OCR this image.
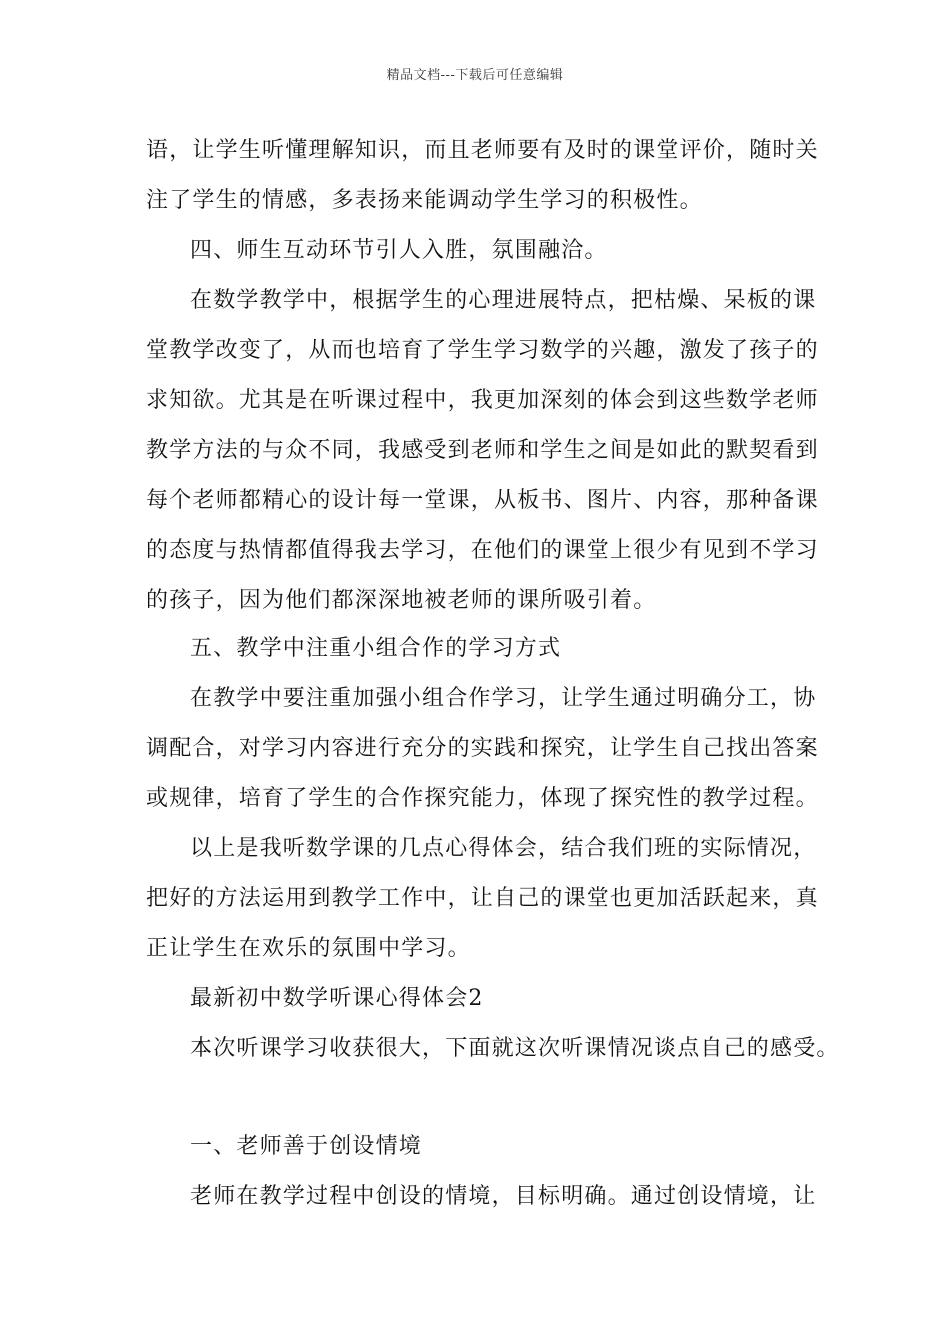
精品文档---下载后可任意编辑
语，让学生听懂理解知识，而且老师要有及时的课堂评价，随时关
注了学生的情感，多表扬来能调动学生学习的积极性。
四、师生互动环节引人入胜，氛围融洽。
在数学教学中，根据学生的心理进展特点，把枯燥、呆板的课
堂教学改变了，从而也培育了学生学习数学的兴趣，激发了孩子的
求知欲。尤其是在听课过程中，我更加深刻的体会到这些数学老师
教学方法的与众不同，我感受到老师和学生之间是如此的默契看到
每个老师都精心的设计每一堂课，从板书、图片、内容，那种备课
的态度与热情都值得我去学习，在他们的课堂上很少有见到不学习
的孩子，因为他们都深深地被老师的课所吸引着。
五、教学中注重小组合作的学习方式
在教学中要注重加强小组合作学习，让学生通过明确分工，协
调配合，对学习内容进行充分的实践和探究，让学生自己找出答案
或规律，培育了学生的合作探究能力，体现了探究性的教学过程。
以上是我听数学课的几点心得体会，结合我们班的实际情况，
把好的方法运用到教学工作中，让自己的课堂也更加活跃起来，真
正让学生在欢乐的氛围中学习。
最新初中数学听课心得体会2
本次听课学习收获很大，下面就这次听课情况谈点自己的感受。
一、老师善于创设情境
老师在教学过程中创设的情境，目标明确。通过创设情境，让
